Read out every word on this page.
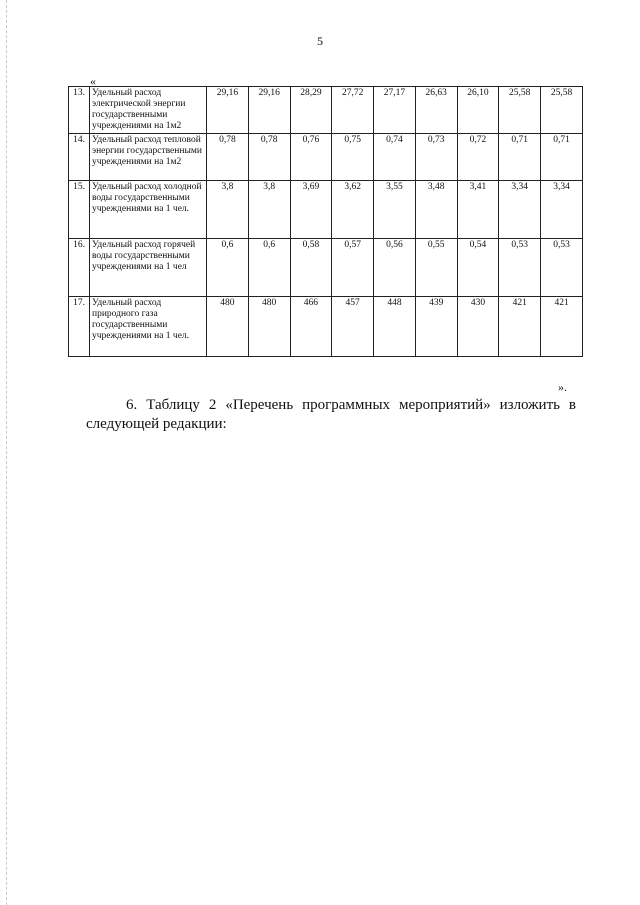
5
«
13.	Удельный расход электрической энергии государственными учреждениями на 1м2	29,16	29,16	28,29	27,72	27,17	26,63	26,10	25,58	25,58
14.	Удельный расход тепловой энергии государственными учреждениями на 1м2	0,78	0,78	0,76	0,75	0,74	0,73	0,72	0,71	0,71
15.	Удельный расход холодной воды государственными учреждениями на 1 чел.	3,8	3,8	3,69	3,62	3,55	3,48	3,41	3,34	3,34
16.	Удельный расход горячей воды государственными учреждениями на 1 чел	0,6	0,6	0,58	0,57	0,56	0,55	0,54	0,53	0,53
17.	Удельный расход природного газа государственными учреждениями на 1 чел.	480	480	466	457	448	439	430	421	421
».
6. Таблицу 2 «Перечень программных мероприятий» изложить в
следующей редакции:
